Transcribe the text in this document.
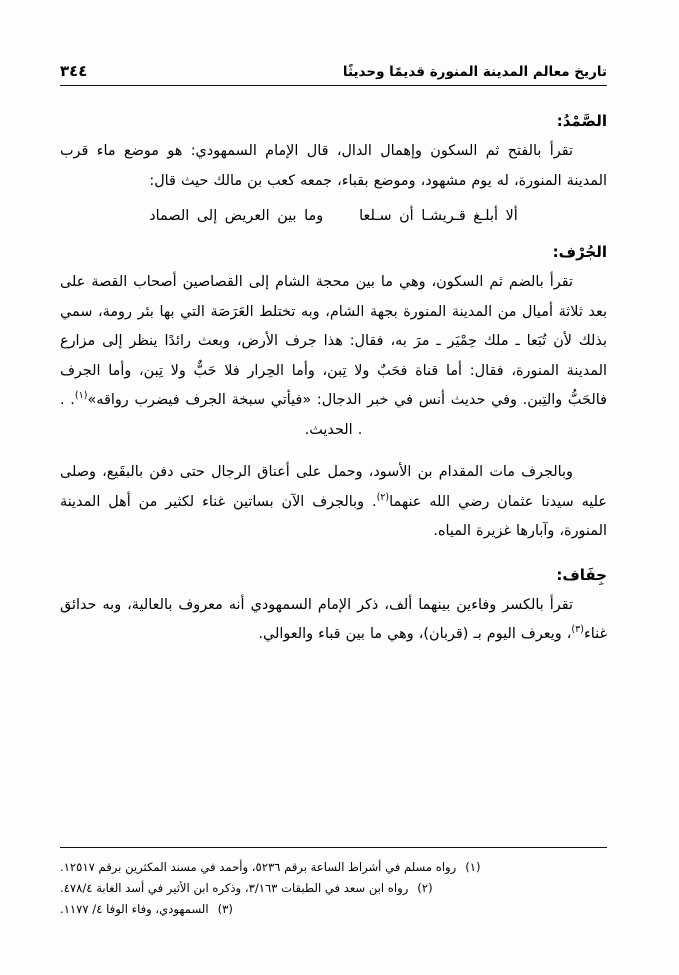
تاريخ معالم المدينة المنورة قديمًا وحديثًا
٣٤٤
الصَّمْدُ:

تقرأ بالفتح ثم السكون وإهمال الدال، قال الإمام السمهودي: هو موضع ماء قرب المدينة المنورة، له يوم مشهود، وموضع بقباء، جمعه كعب بن مالك حيث قال:

ألا أبلـغ قـريشـا أن سـلعا
وما بين العريض إلى الصماد
الجُرْف:

تقرأ بالضم ثم السكون، وهي ما بين محجة الشام إلى القصاصين أصحاب القصة على بعد ثلاثة أميال من المدينة المنورة بجهة الشام، وبه تختلط العَرَصَة التي بها بئر رومة، سمي بذلك لأن تُبَعا ـ ملك حِمْيَر ـ مرَ به، فقال: هذا جرف الأرض، وبعث رائدًا ينظر إلى مزارع المدينة المنورة، فقال: أما قناة فحَبٌ ولا تِبن، وأما الحِرار فلا حَبٌّ ولا تِبن، وأما الجرف فالحَبُّ والتِبن. وفي حديث أنس في خبر الدجال: «فيأتي سبخة الجرف فيضرب رواقه»$^{(١)}$. . . الحديث.

وبالجرف مات المقدام بن الأسود، وحمل على أعناق الرجال حتى دفن بالبقَيع، وصلى عليه سيدنا عثمان رضي الله عنهما$^{(٢)}$. وبالجرف الآن بساتين غناء لكثير من أهل المدينة المنورة، وآبارها غزيرة المياه.

جِفَاف:

تقرأ بالكسر وفاءين بينهما ألف، ذكر الإمام السمهودي أنه معروف بالعالية، وبه حدائق غناء$^{(٣)}$، ويعرف اليوم بـ (قربان)، وهي ما بين قباء والعوالي.

(١)
رواه مسلم في أشراط الساعة برقم ٥٢٣٦، وأحمد في مسند المكثرين برقم ١٢٥١٧.
(٢)
رواه ابن سعد في الطبقات ٣/١٦٣، وذكره ابن الأثير في أسد الغابة ٤٧٨/٤.
(٣)
السمهودي، وفاء الوفا ٤/ ١١٧٧.
